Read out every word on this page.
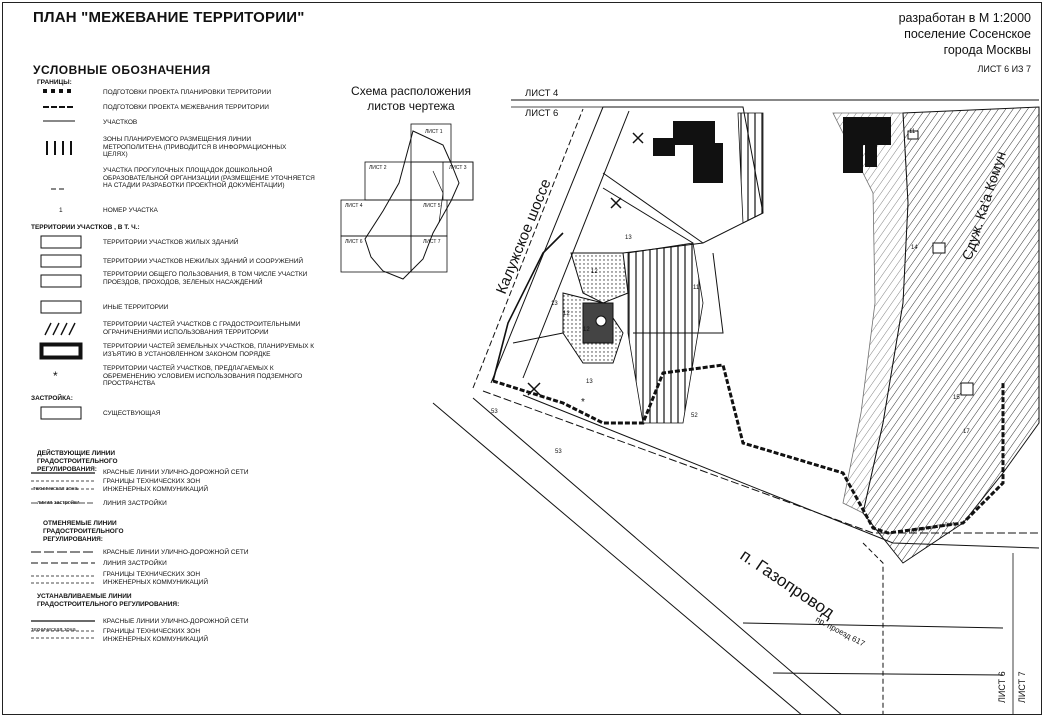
ПЛАН "МЕЖЕВАНИЕ ТЕРРИТОРИИ"	разработан в М 1:2000
поселение Сосенское
города Москвы
ЛИСТ 6 ИЗ 7
УСЛОВНЫЕ ОБОЗНАЧЕНИЯ
ГРАНИЦЫ:
ПОДГОТОВКИ ПРОЕКТА ПЛАНИРОВКИ ТЕРРИТОРИИ
ПОДГОТОВКИ ПРОЕКТА МЕЖЕВАНИЯ ТЕРРИТОРИИ
УЧАСТКОВ
ЗОНЫ ПЛАНИРУЕМОГО РАЗМЕЩЕНИЯ ЛИНИИ МЕТРОПОЛИТЕНА (ПРИВОДИТСЯ В ИНФОРМАЦИОННЫХ ЦЕЛЯХ)
УЧАСТКА ПРОГУЛОЧНЫХ ПЛОЩАДОК ДОШКОЛЬНОЙ ОБРАЗОВАТЕЛЬНОЙ ОРГАНИЗАЦИИ (РАЗМЕЩЕНИЕ УТОЧНЯЕТСЯ НА СТАДИИ РАЗРАБОТКИ ПРОЕКТНОЙ ДОКУМЕНТАЦИИ)
1	НОМЕР УЧАСТКА
ТЕРРИТОРИИ УЧАСТКОВ , В Т. Ч.:
ТЕРРИТОРИИ УЧАСТКОВ ЖИЛЫХ ЗДАНИЙ
ТЕРРИТОРИИ УЧАСТКОВ НЕЖИЛЫХ ЗДАНИЙ И СООРУЖЕНИЙ
ТЕРРИТОРИИ ОБЩЕГО ПОЛЬЗОВАНИЯ, В ТОМ ЧИСЛЕ УЧАСТКИ ПРОЕЗДОВ, ПРОХОДОВ, ЗЕЛЕНЫХ НАСАЖДЕНИЙ
ИНЫЕ ТЕРРИТОРИИ
ТЕРРИТОРИИ ЧАСТЕЙ УЧАСТКОВ С ГРАДОСТРОИТЕЛЬНЫМИ ОГРАНИЧЕНИЯМИ ИСПОЛЬЗОВАНИЯ ТЕРРИТОРИИ
ТЕРРИТОРИИ ЧАСТЕЙ ЗЕМЕЛЬНЫХ УЧАСТКОВ, ПЛАНИРУЕМЫХ К ИЗЪЯТИЮ В УСТАНОВЛЕННОМ ЗАКОНОМ ПОРЯДКЕ
*
ТЕРРИТОРИИ ЧАСТЕЙ УЧАСТКОВ, ПРЕДЛАГАЕМЫХ К ОБРЕМЕНЕНИЮ УСЛОВИЕМ ИСПОЛЬЗОВАНИЯ ПОДЗЕМНОГО ПРОСТРАНСТВА
ЗАСТРОЙКА:
СУЩЕСТВУЮЩАЯ
ДЕЙСТВУЮЩИЕ ЛИНИИ ГРАДОСТРОИТЕЛЬНОГО РЕГУЛИРОВАНИЯ: КРАСНЫЕ ЛИНИИ УЛИЧНО-ДОРОЖНОЙ СЕТИ
ГРАНИЦЫ ТЕХНИЧЕСКИХ ЗОН ИНЖЕНЕРНЫХ КОММУНИКАЦИЙ
ЛИНИЯ ЗАСТРОЙКИ
техническая зона
линия застройки
ОТМЕНЯЕМЫЕ ЛИНИИ ГРАДОСТРОИТЕЛЬНОГО РЕГУЛИРОВАНИЯ:
КРАСНЫЕ ЛИНИИ УЛИЧНО-ДОРОЖНОЙ СЕТИ
ЛИНИЯ ЗАСТРОЙКИ
ГРАНИЦЫ ТЕХНИЧЕСКИХ ЗОН ИНЖЕНЕРНЫХ КОММУНИКАЦИЙ
УСТАНАВЛИВАЕМЫЕ ЛИНИИ ГРАДОСТРОИТЕЛЬНОГО РЕГУЛИРОВАНИЯ:
КРАСНЫЕ ЛИНИИ УЛИЧНО-ДОРОЖНОЙ СЕТИ
ГРАНИЦЫ ТЕХНИЧЕСКИХ ЗОН ИНЖЕНЕРНЫХ КОММУНИКАЦИЙ
техническая зона
Схема расположения
листов чертежа
ЛИСТ 1
ЛИСТ 2	ЛИСТ 3
ЛИСТ 4	ЛИСТ 5
ЛИСТ 6	ЛИСТ 7	Калужское шоссе
п. Газопровод
пр. проезд 617
Сдуж. Ка'а Комун
линия застройки
ЛИСТ 4
ЛИСТ 6
ЛИСТ 6 ЛИСТ 7
11
13
12
13
13
11
12
12
52
53
53
17
11
14
15
*
